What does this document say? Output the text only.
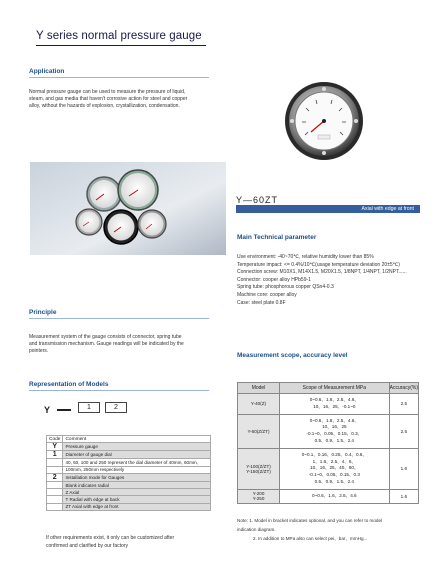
Y series normal pressure gauge
Application
Normal pressure gauge can be used to measure the pressure of liquid,
steam, and gas media that haven't corrosive action for steel and copper
alloy, without the hazards of explosion, crystallization, condensation.
Y—60ZT
Axial with edge at front
Main Technical parameter
Use environment: -40~70℃, relative humidity lower than 85%
Temperature impact: <= 0.4%/10℃(usage temperature deviation 20±5℃)
Connection screw: M10X1, M14X1.5, M20X1.5, 1/8NPT, 1/4NPT, 1/2NPT......
Connector: cooper alloy HPb59-1
Spring tube: phosphorous copper QSn4-0.3
Machine core: cooper alloy
Case: steel plate 0.8F
Principle
Measurement system of the gauge consists of connector, spring tube
and transmission mechanism. Gauge readings will be indicated by the
pointers.
Measurement scope, accuracy level
Representation of Models
Y	1	2
Code	Comment
Y	Pressure gauge
1	Diameter of gauge dial
	40, 60, 100 and 250 represent the dial diameter of 40mm, 60mm,
	100mm, 250mm respectively
2	Installation mode for Gauges
	Blank indicates radial
	Z Axial
	T Radial with edge at back
	ZT Axial with edge at front
If other requirements exist, it only can be customized after
confirmed and clarified by our factory
Model	Scope of Measurement MPa	Accuracy(%)
Y-40(Z)	0~0.6、1.6、2.5、4.6、
10、16、25、-0.1~0	2.5
Y-60(Z/ZT)	0~0.6、1.6、2.5、4.6、
10、16、25
-0.1~0、0.05、0.15、0.3、
0.5、0.9、1.5、2.4	2.5
Y-100(Z/ZT)
Y-150(Z/ZT)	0~0.1、0.16、0.25、0.4、0.6、
1、1.6、2.5、4、6、
10、16、25、40、60、
-0.1~0、0.05、0.15、0.3
0.5、0.9、1.5、2.4	1.6
Y-200
Y-250	0~0.6、1.6、2.5、4.6	1.6
Note: 1. Model in bracket indicates optional, and you can refer to model
indication diagram.
2. In addition to MPa also can select pei、bar、mmHg...
